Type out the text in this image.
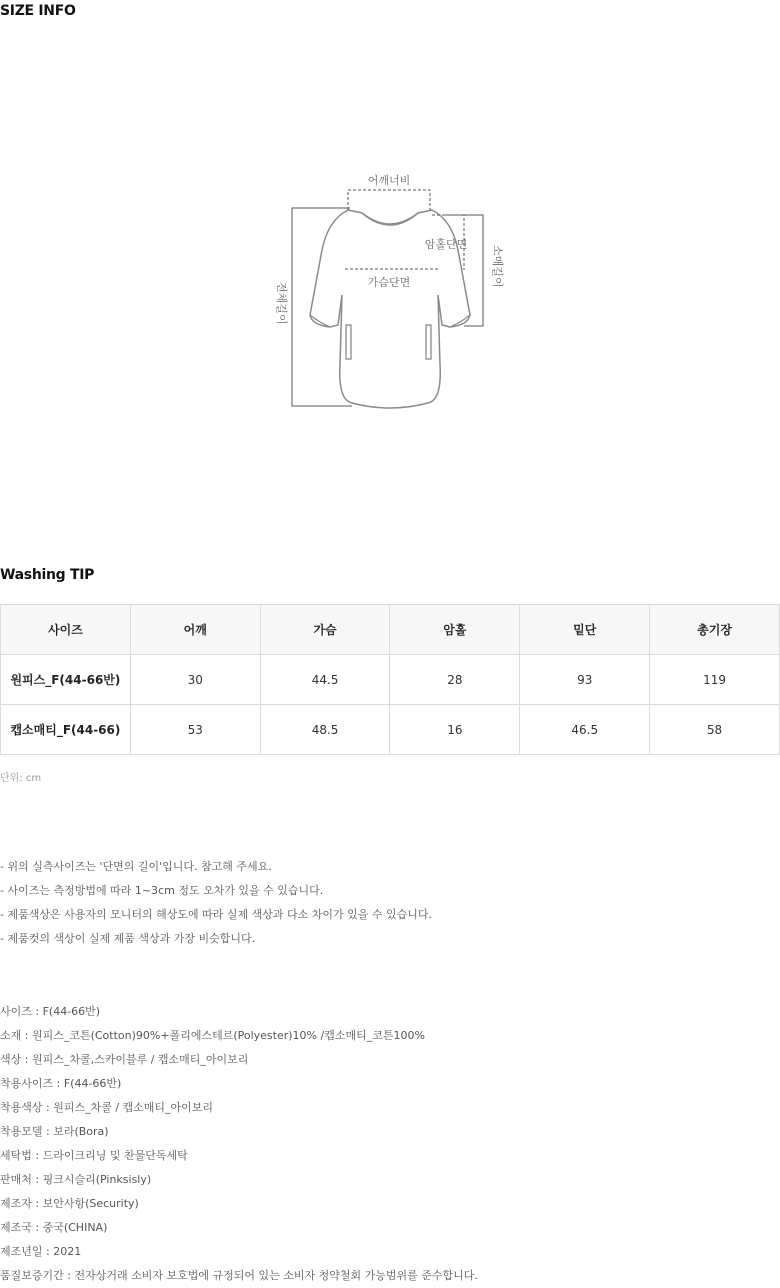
SIZE INFO
어깨너비
암홀단면
가슴단면	소매길이
전체길이
Washing TIP
사이즈	어깨	가슴	암홀	밑단	총기장
원피스_F(44-66반)	30	44.5	28	93	119
캡소매티_F(44-66)	53	48.5	16	46.5	58
단위: cm
- 위의 실측사이즈는 '단면의 길이'입니다. 참고해 주세요.
- 사이즈는 측정방법에 따라 1~3cm 정도 오차가 있을 수 있습니다.
- 제품색상은 사용자의 모니터의 해상도에 따라 실제 색상과 다소 차이가 있을 수 있습니다.
- 제품컷의 색상이 실제 제품 색상과 가장 비슷합니다.
사이즈 : F(44-66반)
소재 : 원피스_코튼(Cotton)90%+폴리에스테르(Polyester)10% /캡소매티_코튼100%
색상 : 원피스_차콜,스카이블루 / 캡소매티_아이보리
착용사이즈 : F(44-66반)
착용색상 : 원피스_차콜 / 캡소매티_아이보리
착용모델 : 보라(Bora)
세탁법 : 드라이크리닝 및 찬물단독세탁
판매처 : 핑크시슬리(Pinksisly)
제조자 : 보안사항(Security)
제조국 : 중국(CHINA)
제조년일 : 2021
품질보증기간 : 전자상거래 소비자 보호법에 규정되어 있는 소비자 청약철회 가능범위를 준수합니다.
